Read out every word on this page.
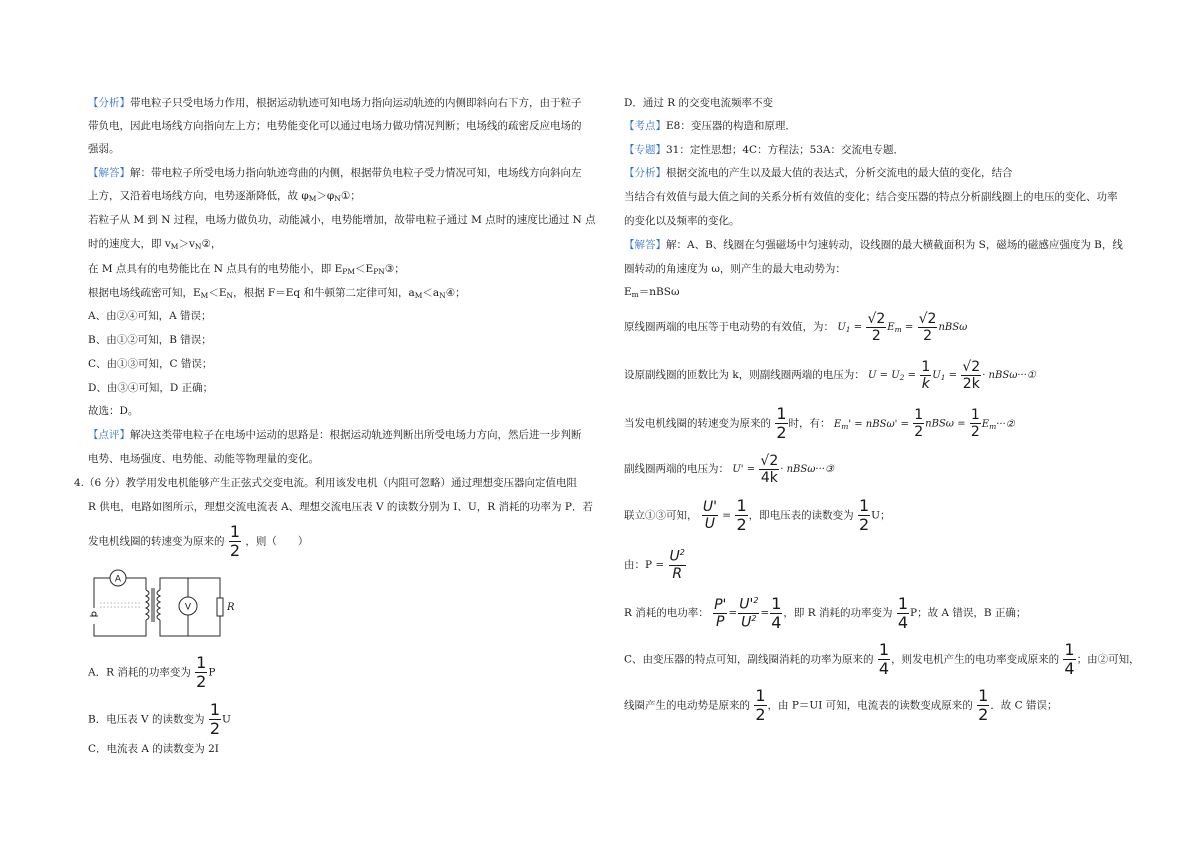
【分析】带电粒子只受电场力作用，根据运动轨迹可知电场力指向运动轨迹的内侧即斜向右下方，由于粒子
带负电，因此电场线方向指向左上方；电势能变化可以通过电场力做功情况判断；电场线的疏密反应电场的
强弱。
【解答】解：带电粒子所受电场力指向轨迹弯曲的内侧，根据带负电粒子受力情况可知，电场线方向斜向左
上方，又沿着电场线方向，电势逐渐降低，故 $\varphi_M>\varphi_N①$；
若粒子从 M 到 N 过程，电场力做负功，动能减小，电势能增加，故带电粒子通过 M 点时的速度比通过 N 点
时的速度大，即 $v_M>v_N②$，
在 M 点具有的电势能比在 N 点具有的电势能小，即 $E_{PM}<E_{PN}③$；
根据电场线疏密可知，$E_M<E_N$，根据 F＝Eq 和牛顿第二定律可知，$a_M<a_N④$；
A、由②④可知，A 错误；
B、由①②可知，B 错误；
C、由①③可知，C 错误；
D、由③④可知，D 正确；
故选：D。
【点评】解决这类带电粒子在电场中运动的思路是：根据运动轨迹判断出所受电场力方向，然后进一步判断
电势、电场强度、电势能、动能等物理量的变化。
4.（6 分）教学用发电机能够产生正弦式交变电流。利用该发电机（内阻可忽略）通过理想变压器向定值电阻
R 供电，电路如图所示，理想交流电流表 A、理想交流电压表 V 的读数分别为 I、U，R 消耗的功率为 P．若
发电机线圈的转速变为原来的 $\frac{1}{2}$ ，则（　　）
A
V	R
A．R 消耗的功率变为 $\frac{1}{2}$ P
B．电压表 V 的读数变为 $\frac{1}{2}$ U
C．电流表 A 的读数变为 2I
D．通过 R 的交变电流频率不变
【考点】E8：变压器的构造和原理．
【专题】31：定性思想；4C：方程法；53A：交流电专题．
【分析】根据交流电的产生以及最大值的表达式，分析交流电的最大值的变化，结合
当结合有效值与最大值之间的关系分析有效值的变化；结合变压器的特点分析副线圈上的电压的变化、功率
的变化以及频率的变化。
【解答】解：A、B、线圈在匀强磁场中匀速转动，设线圈的最大横截面积为 S，磁场的磁感应强度为 B，线
圈转动的角速度为 ω，则产生的最大电动势为：
$E_m=nBS\omega$
原线圈两端的电压等于电动势的有效值，为： $U_1 = \frac{√2}{2} E_m = \frac{√2}{2}$ nBSω
设原副线圈的匝数比为 k，则副线圈两端的电压为： $U = U_2 = \frac{1}{k} U_1 = \frac{√2}{2k}$ · nBSω···①
当发电机线圈的转速变为原来的 $\frac{1}{2}$ 时，有： $E_m' = nBS\omega' = \frac{1}{2}$ $nBS\omega = \frac{1}{2}$ $E_m\cdot\cdot\cdot ②$
副线圈两端的电压为： $U' = \frac{√2}{4k}$ · nBSω···③
联立①③可知， $\frac{U'}{U} = \frac{1}{2}$ ，即电压表的读数变为 $\frac{1}{2}$ U；
由：$P = \frac{U^2}{R}$
R 消耗的电功率： $\frac{P'}{P} = \frac{U'^2}{U^2} = \frac{1}{4}$ ，即 R 消耗的功率变为 $\frac{1}{4}$ P；故 A 错误，B 正确；
C、由变压器的特点可知，副线圈消耗的功率为原来的 $\frac{1}{4}$ ，则发电机产生的电功率变成原来的 $\frac{1}{4}$ ；由②可知，
线圈产生的电动势是原来的 $\frac{1}{2}$ ，由 P＝UI 可知，电流表的读数变成原来的 $\frac{1}{2}$ ．故 C 错误；
